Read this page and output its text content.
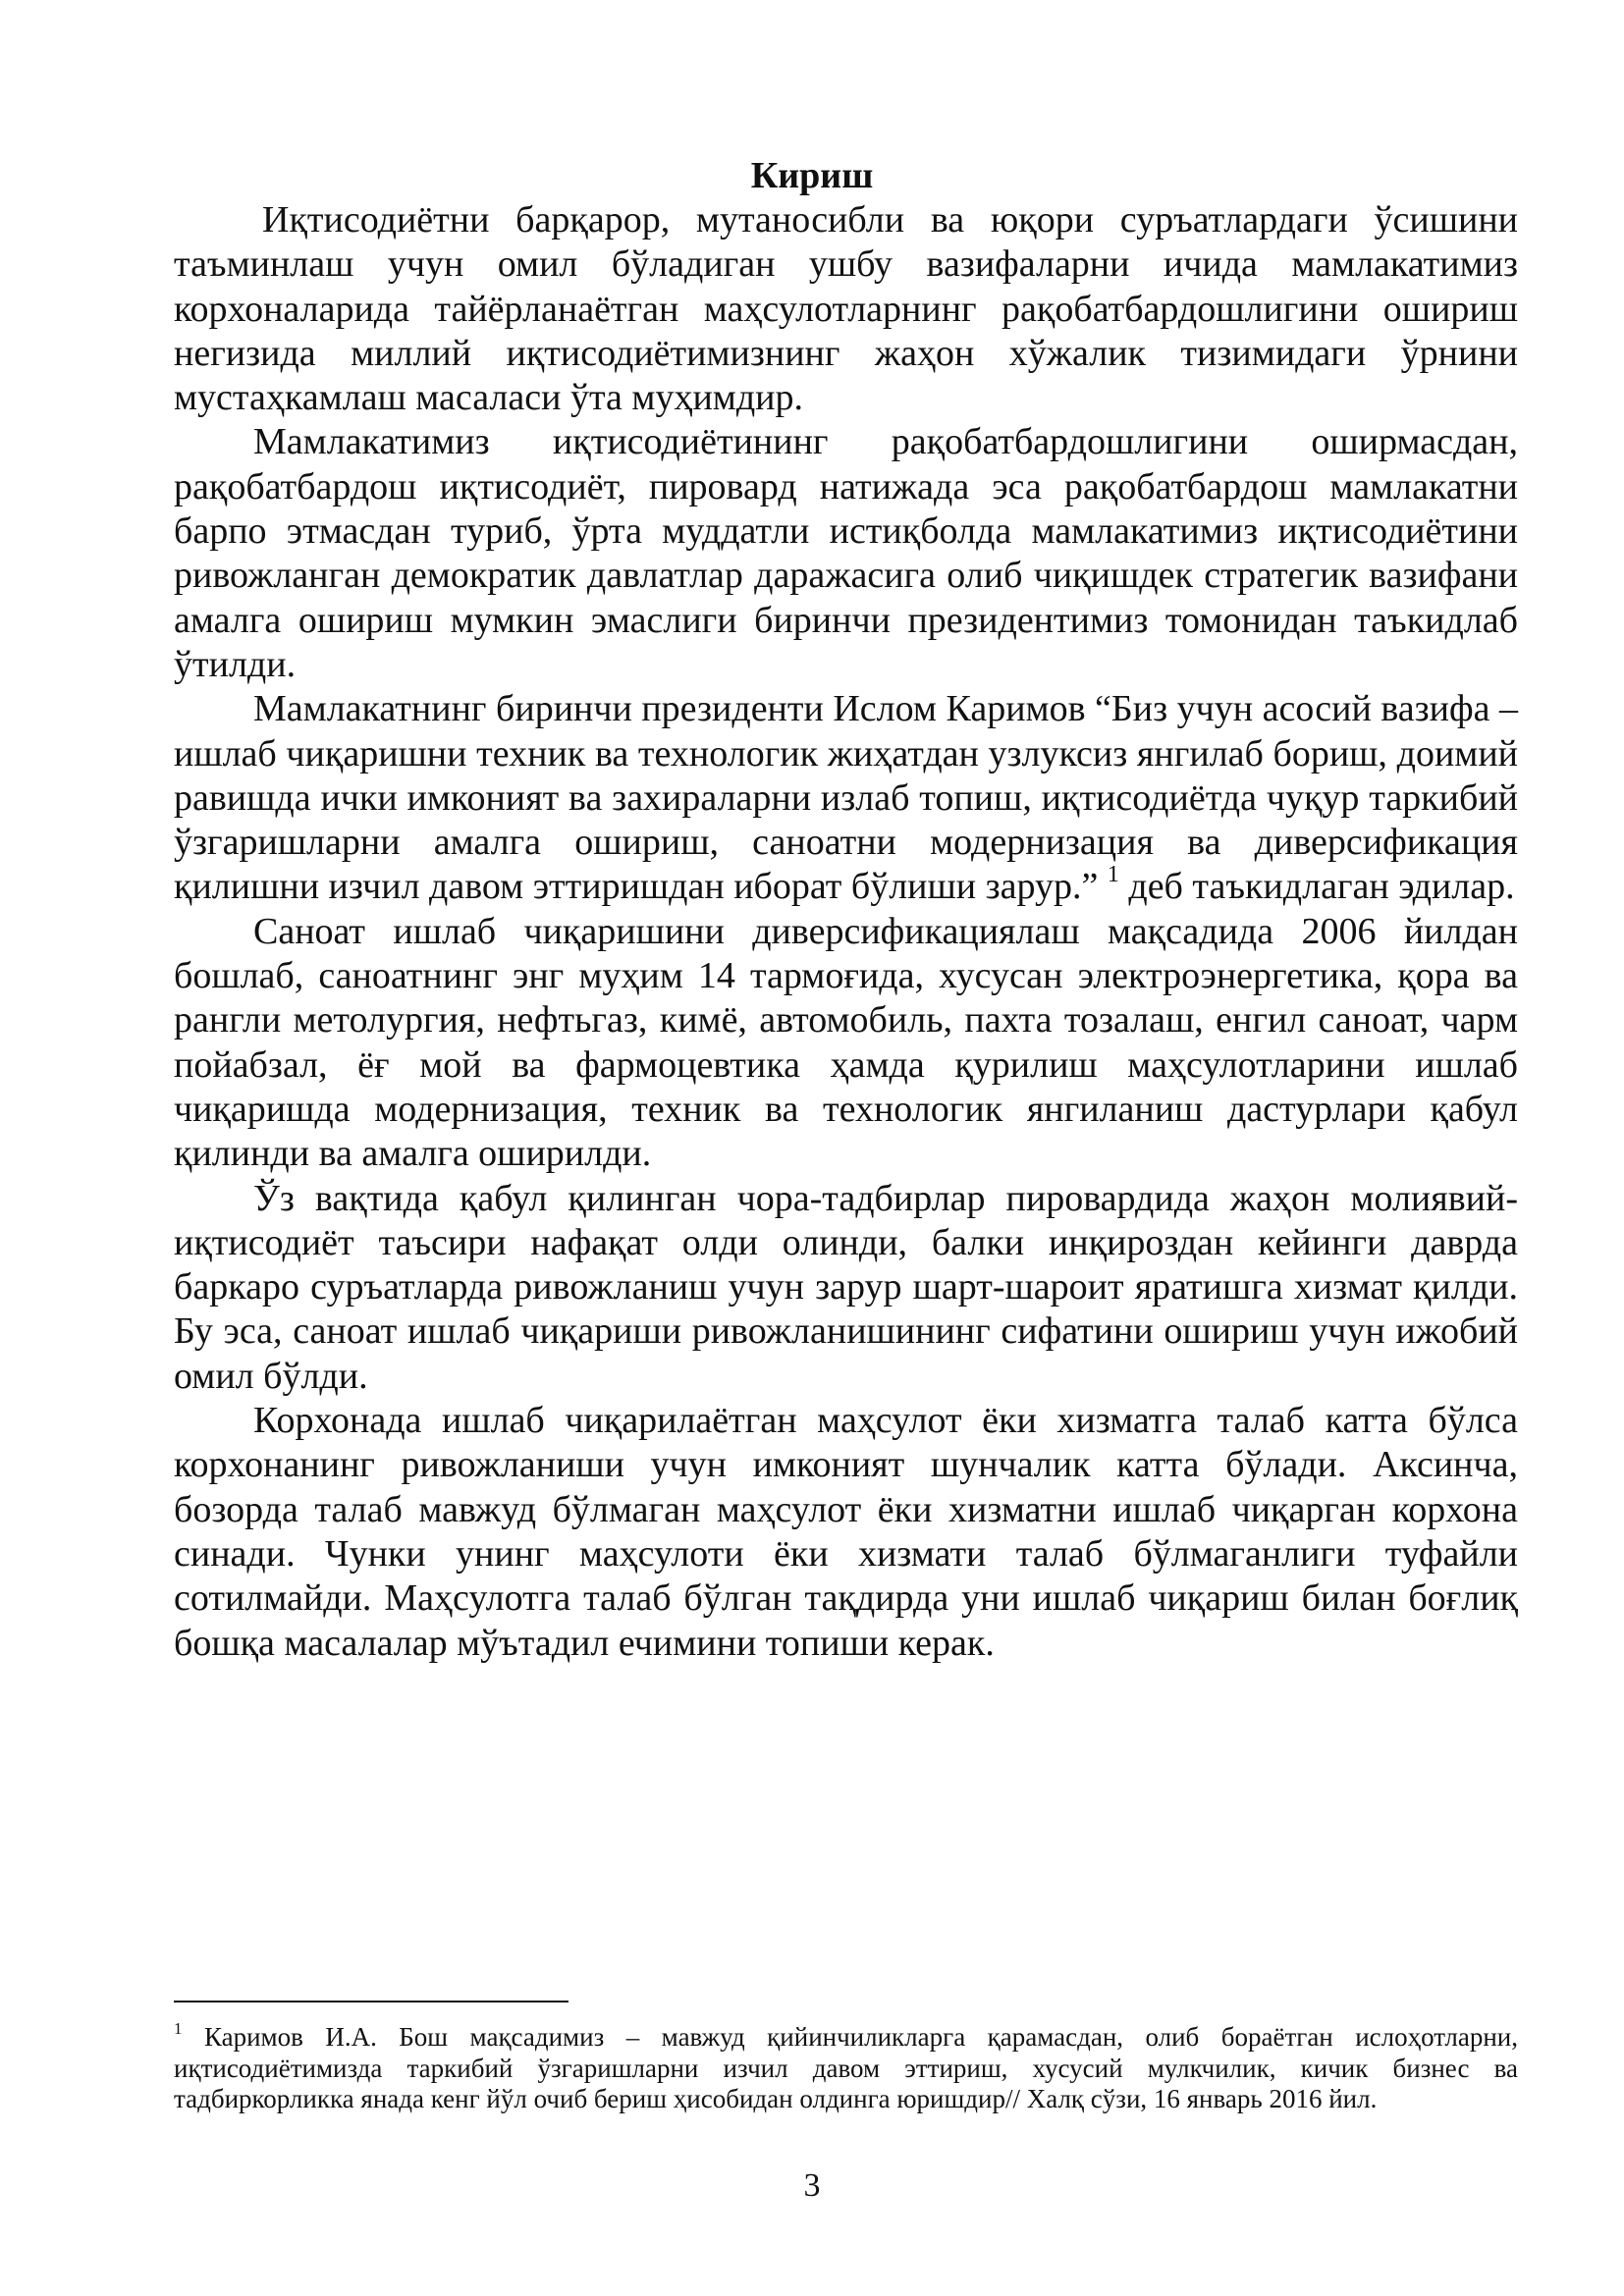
Кириш

Иқтисодиётни барқарор, мутаносибли ва юқори суръатлардаги ўсишини таъминлаш учун омил бўладиган ушбу вазифаларни ичида мамлакатимиз корхоналарида тайёрланаётган маҳсулотларнинг рақобатбардошлигини ошириш негизида миллий иқтисодиётимизнинг жаҳон хўжалик тизимидаги ўрнини мустаҳкамлаш масаласи ўта муҳимдир.

Мамлакатимиз иқтисодиётининг рақобатбардошлигини оширмасдан, рақобатбардош иқтисодиёт, пировард натижада эса рақобатбардош мамлакатни барпо этмасдан туриб, ўрта муддатли истиқболда мамлакатимиз иқтисодиётини ривожланган демократик давлатлар даражасига олиб чиқишдек стратегик вазифани амалга ошириш мумкин эмаслиги биринчи президентимиз томонидан таъкидлаб ўтилди.

Мамлакатнинг биринчи президенти Ислом Каримов “Биз учун асосий вазифа – ишлаб чиқаришни техник ва технологик жиҳатдан узлуксиз янгилаб бориш, доимий равишда ички имконият ва захираларни излаб топиш, иқтисодиётда чуқур таркибий ўзгаришларни амалга ошириш, саноатни модернизация ва диверсификация қилишни изчил давом эттиришдан иборат бўлиши зарур.” $^1$ деб таъкидлаган эдилар.

Саноат ишлаб чиқаришини диверсификациялаш мақсадида 2006 йилдан бошлаб, саноатнинг энг муҳим 14 тармоғида, хусусан электроэнергетика, қора ва рангли метолургия, нефтьгаз, кимё, автомобиль, пахта тозалаш, енгил саноат, чарм пойабзал, ёғ мой ва фармоцевтика ҳамда қурилиш маҳсулотларини ишлаб чиқаришда модернизация, техник ва технологик янгиланиш дастурлари қабул қилинди ва амалга оширилди.

Ўз вақтида қабул қилинган чора-тадбирлар пировардида жаҳон молиявий-иқтисодиёт таъсири нафақат олди олинди, балки инқироздан кейинги даврда баркаро суръатларда ривожланиш учун зарур шарт-шароит яратишга хизмат қилди. Бу эса, саноат ишлаб чиқариши ривожланишининг сифатини ошириш учун ижобий омил бўлди.

Корхонада ишлаб чиқарилаётган маҳсулот ёки хизматга талаб катта бўлса корхонанинг ривожланиши учун имконият шунчалик катта бўлади. Аксинча, бозорда талаб мавжуд бўлмаган маҳсулот ёки хизматни ишлаб чиқарган корхона синади. Чунки унинг маҳсулоти ёки хизмати талаб бўлмаганлиги туфайли сотилмайди. Маҳсулотга талаб бўлган тақдирда уни ишлаб чиқариш билан боғлиқ бошқа масалалар мўътадил ечимини топиши керак.

$^1$ Каримов И.А. Бош мақсадимиз – мавжуд қийинчиликларга қарамасдан, олиб бораётган ислоҳотларни, иқтисодиётимизда таркибий ўзгаришларни изчил давом эттириш, хусусий мулкчилик, кичик бизнес ва тадбиркорликка янада кенг йўл очиб бериш ҳисобидан олдинга юришдир// Халқ сўзи, 16 январь 2016 йил.

3
